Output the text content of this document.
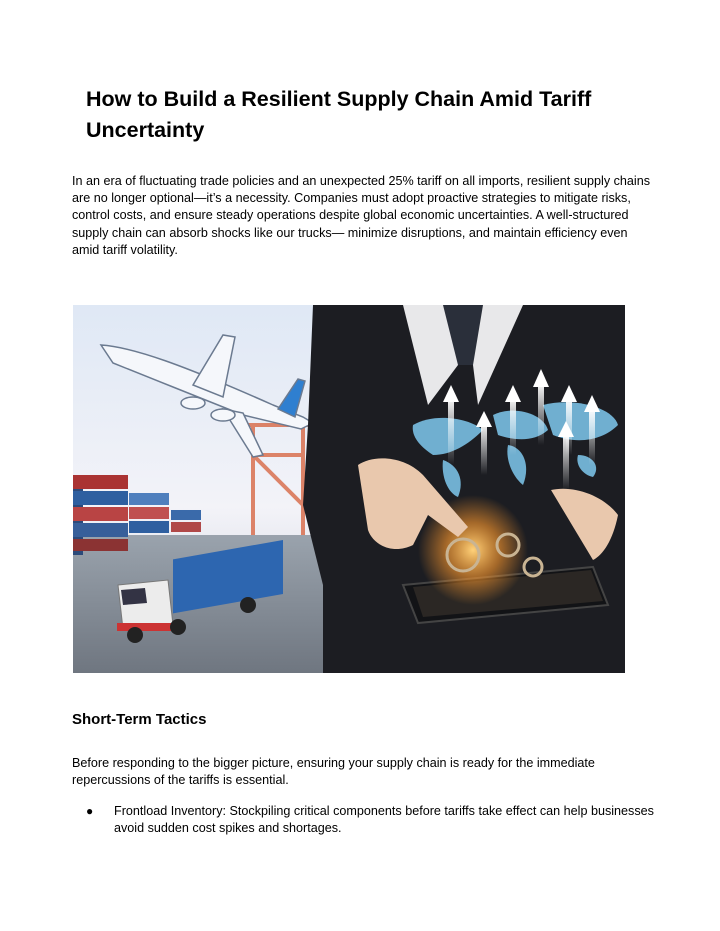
How to Build a Resilient Supply Chain Amid Tariff Uncertainty

In an era of fluctuating trade policies and an unexpected 25% tariff on all imports, resilient supply chains are no longer optional—it’s a necessity. Companies must adopt proactive strategies to mitigate risks, control costs, and ensure steady operations despite global economic uncertainties. A well-structured supply chain can absorb shocks like our trucks— minimize disruptions, and maintain efficiency even amid tariff volatility.

Short-Term Tactics

Before responding to the bigger picture, ensuring your supply chain is ready for the immediate repercussions of the tariffs is essential.

● Frontload Inventory: Stockpiling critical components before tariffs take effect can help businesses avoid sudden cost spikes and shortages.
